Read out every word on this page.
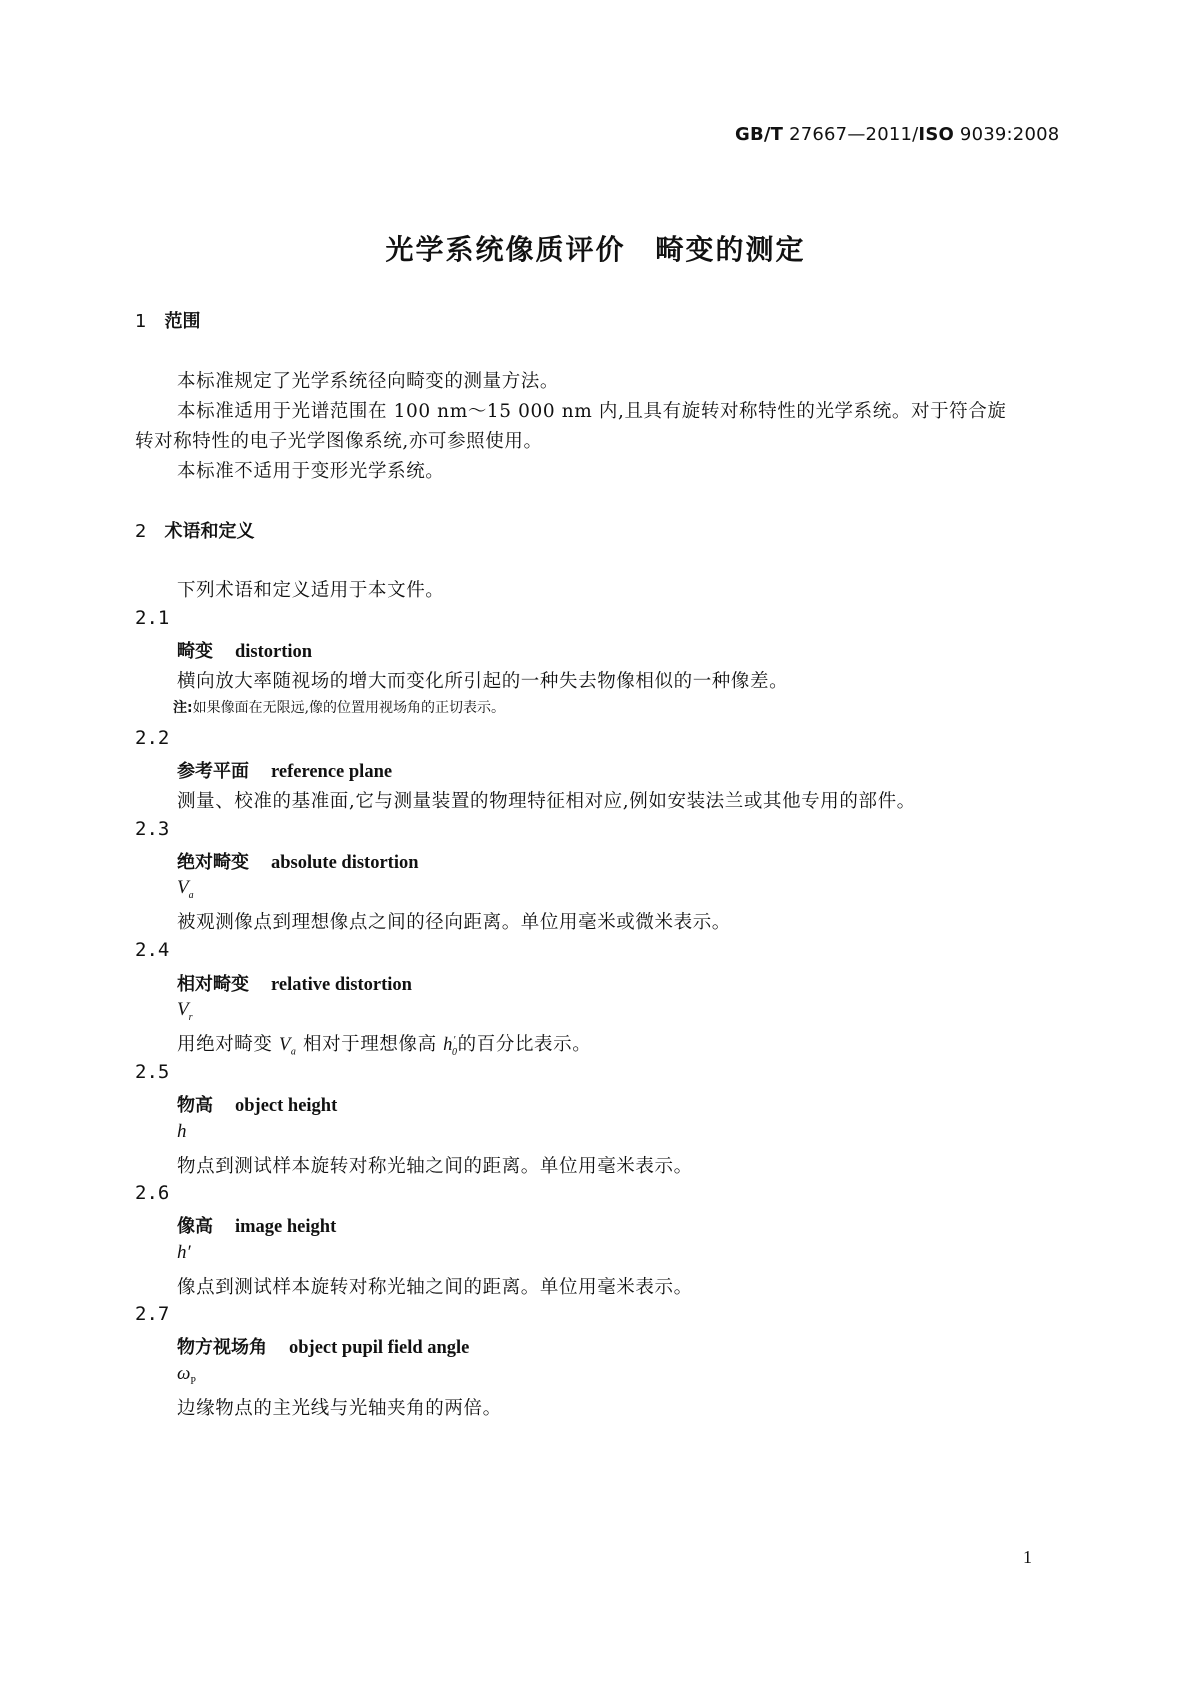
GB/T 27667—2011/ISO 9039:2008
光学系统像质评价　畸变的测定
1 范围
本标准规定了光学系统径向畸变的测量方法。
本标准适用于光谱范围在 100 nm～15 000 nm 内,且具有旋转对称特性的光学系统。对于符合旋
转对称特性的电子光学图像系统,亦可参照使用。
本标准不适用于变形光学系统。
2 术语和定义
下列术语和定义适用于本文件。
2.1
畸变 distortion
横向放大率随视场的增大而变化所引起的一种失去物像相似的一种像差。
注:如果像面在无限远,像的位置用视场角的正切表示。
2.2
参考平面 reference plane
测量、校准的基准面,它与测量装置的物理特征相对应,例如安装法兰或其他专用的部件。
2.3
绝对畸变 absolute distortion
$V_a$
被观测像点到理想像点之间的径向距离。单位用毫米或微米表示。
2.4
相对畸变 relative distortion
$V_r$
用绝对畸变 $V_a$ 相对于理想像高 $h'_0$的百分比表示。
2.5
物高 object height
h
物点到测试样本旋转对称光轴之间的距离。单位用毫米表示。
2.6
像高 image height
h′
像点到测试样本旋转对称光轴之间的距离。单位用毫米表示。
2.7
物方视场角 object pupil field angle
$\omega_P$
边缘物点的主光线与光轴夹角的两倍。
1
